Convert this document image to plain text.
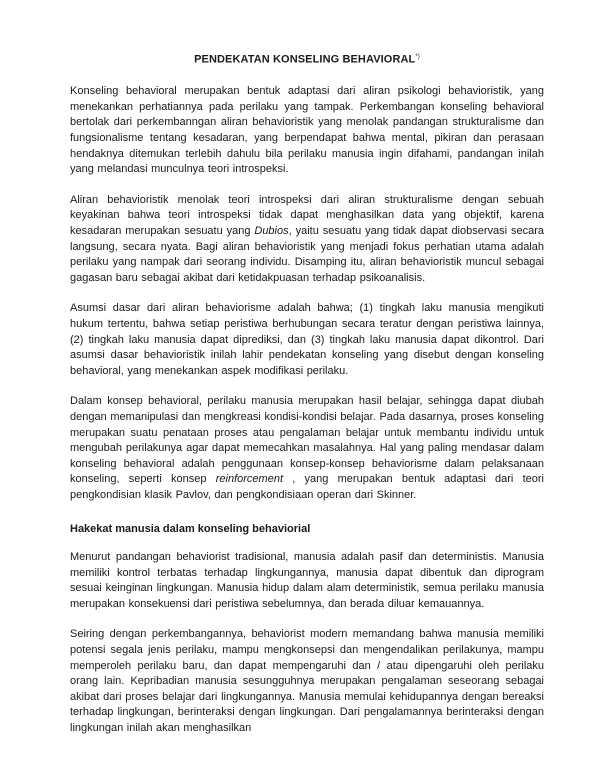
PENDEKATAN KONSELING BEHAVIORAL*)

Konseling behavioral merupakan bentuk adaptasi dari aliran psikologi behavioristik, yang menekankan perhatiannya pada perilaku yang tampak. Perkembangan konseling behavioral bertolak dari perkembanngan aliran behavioristik yang menolak pandangan strukturalisme dan fungsionalisme tentang kesadaran, yang berpendapat bahwa mental, pikiran dan perasaan hendaknya ditemukan terlebih dahulu bila perilaku manusia ingin difahami, pandangan inilah yang melandasi munculnya teori introspeksi.

Aliran behavioristik menolak teori introspeksi dari aliran strukturalisme dengan sebuah keyakinan bahwa teori introspeksi tidak dapat menghasilkan data yang objektif, karena kesadaran merupakan sesuatu yang Dubios, yaitu sesuatu yang tidak dapat diobservasi secara langsung, secara nyata. Bagi aliran behavioristik yang menjadi fokus perhatian utama adalah perilaku yang nampak dari seorang individu. Disamping itu, aliran behavioristik muncul sebagai gagasan baru sebagai akibat dari ketidakpuasan terhadap psikoanalisis.

Asumsi dasar dari aliran behaviorisme adalah bahwa; (1) tingkah laku manusia mengikuti hukum tertentu, bahwa setiap peristiwa berhubungan secara teratur dengan peristiwa lainnya, (2) tingkah laku manusia dapat diprediksi, dan (3) tingkah laku manusia dapat dikontrol. Dari asumsi dasar behavioristik inilah lahir pendekatan konseling yang disebut dengan konseling behavioral, yang menekankan aspek modifikasi perilaku.

Dalam konsep behavioral, perilaku manusia merupakan hasil belajar, sehingga dapat diubah dengan memanipulasi dan mengkreasi kondisi-kondisi belajar. Pada dasarnya, proses konseling merupakan suatu penataan proses atau pengalaman belajar untuk membantu individu untuk mengubah perilakunya agar dapat memecahkan masalahnya. Hal yang paling mendasar dalam konseling behavioral adalah penggunaan konsep-konsep behaviorisme dalam pelaksanaan konseling, seperti konsep reinforcement , yang merupakan bentuk adaptasi dari teori pengkondisian klasik Pavlov, dan pengkondisiaan operan dari Skinner.

Hakekat manusia dalam konseling behaviorial

Menurut pandangan behaviorist tradisional, manusia adalah pasif dan deterministis. Manusia memiliki kontrol terbatas terhadap lingkungannya, manusia dapat dibentuk dan diprogram sesuai keinginan lingkungan. Manusia hidup dalam alam deterministik, semua perilaku manusia merupakan konsekuensi dari peristiwa sebelumnya, dan berada diluar kemauannya.

Seiring dengan perkembangannya, behaviorist modern memandang bahwa manusia memiliki potensi segala jenis perilaku, mampu mengkonsepsi dan mengendalikan perilakunya, mampu memperoleh perilaku baru, dan dapat mempengaruhi dan / atau dipengaruhi oleh perilaku orang lain. Kepribadian manusia sesungguhnya merupakan pengalaman seseorang sebagai akibat dari proses belajar dari lingkungannya. Manusia memulai kehidupannya dengan bereaksi terhadap lingkungan, berinteraksi dengan lingkungan. Dari pengalamannya berinteraksi dengan lingkungan inilah akan menghasilkan
